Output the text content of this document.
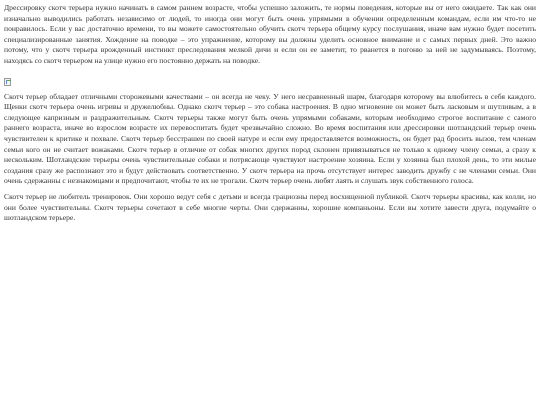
Дрессировку скотч терьера нужно начинать в самом раннем возрасте, чтобы успешно заложить, те нормы поведения, которые вы от него ожидаете. Так как они изначально выводились работать независимо от людей, то иногда они могут быть очень упрямыми в обучении определенным командам, если им что-то не понравилось. Если у вас достаточно времени, то вы можете самостоятельно обучить скотч терьера общему курсу послушания, иначе вам нужно будет посетить специализированные занятия. Хождение на поводке – это упражнение, которому вы должны уделить основное внимание и с самых первых дней. Это важно потому, что у скотч терьера врожденный инстинкт преследования мелкой дичи и если он ее заметит, то рванется в погоню за ней не задумываясь. Поэтому, находясь со скотч терьером на улице нужно его постоянно держать на поводке.

Скотч терьер обладает отличными сторожевыми качествами – он всегда не чеку. У него несравненный шарм, благодаря которому вы влюбитесь в себя каждого. Щенки скотч терьера очень игривы и дружелюбны. Однако скотч терьер – это собака настроения. В одно мгновение он может быть ласковым и шутливым, а в следующее капризным и раздражительным. Скотч терьеры также могут быть очень упрямыми собаками, которым необходимо строгое воспитание с самого раннего возраста, иначе во взрослом возрасте их перевоспитать будет чрезвычайно сложно. Во время воспитания или дрессировки шотландский терьер очень чувствителен к критике и похвале. Скотч терьер бесстрашен по своей натуре и если ему предоставляется возможность, он будет рад бросить вызов, тем членам семьи кого он не считает вожаками. Скотч терьер в отличие от собак многих других пород склонен привязываться не только к одному члену семьи, а сразу к нескольким. Шотландские терьеры очень чувствительные собаки и потрясающе чувствуют настроение хозяина. Если у хозяина был плохой день, то эти милые создания сразу же распознают это и будут действовать соответственно. У скотч терьера на прочь отсутствует интерес заводить дружбу с не членами семьи. Они очень сдержанны с незнакомцами и предпочитают, чтобы те их не трогали. Скотч терьер очень любят лаять и слушать звук собственного голоса.

Скотч терьер не любитель тренировок. Они хорошо ведут себя с детьми и всегда грациозны перед восхищенной публикой. Скотч терьеры красивы, как колли, но они более чувствительны. Скотч терьеры сочетают в себе многие черты. Они сдержанны, хорошие компаньоны. Если вы хотите завести друга, подумайте о шотландском терьере.
